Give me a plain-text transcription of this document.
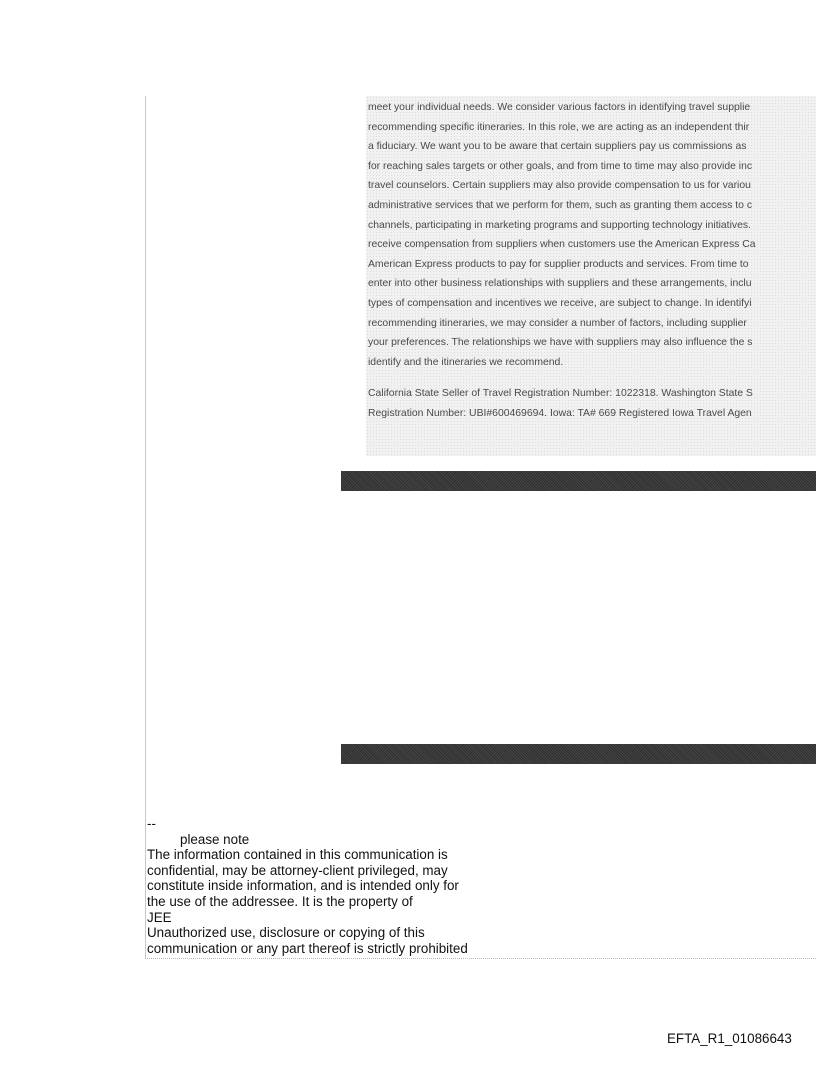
meet your individual needs. We consider various factors in identifying travel supplie
recommending specific itineraries. In this role, we are acting as an independent thir
a fiduciary. We want you to be aware that certain suppliers pay us commissions as
for reaching sales targets or other goals, and from time to time may also provide inc
travel counselors. Certain suppliers may also provide compensation to us for variou
administrative services that we perform for them, such as granting them access to c
channels, participating in marketing programs and supporting technology initiatives.
receive compensation from suppliers when customers use the American Express Ca
American Express products to pay for supplier products and services. From time to
enter into other business relationships with suppliers and these arrangements, inclu
types of compensation and incentives we receive, are subject to change. In identifyi
recommending itineraries, we may consider a number of factors, including supplier
your preferences. The relationships we have with suppliers may also influence the s
identify and the itineraries we recommend.
California State Seller of Travel Registration Number: 1022318. Washington State S
Registration Number: UBI#600469694. Iowa: TA# 669 Registered Iowa Travel Agen
--
please note
The information contained in this communication is
confidential, may be attorney-client privileged, may
constitute inside information, and is intended only for
the use of the addressee. It is the property of
JEE
Unauthorized use, disclosure or copying of this
communication or any part thereof is strictly prohibited
EFTA_R1_01086643
